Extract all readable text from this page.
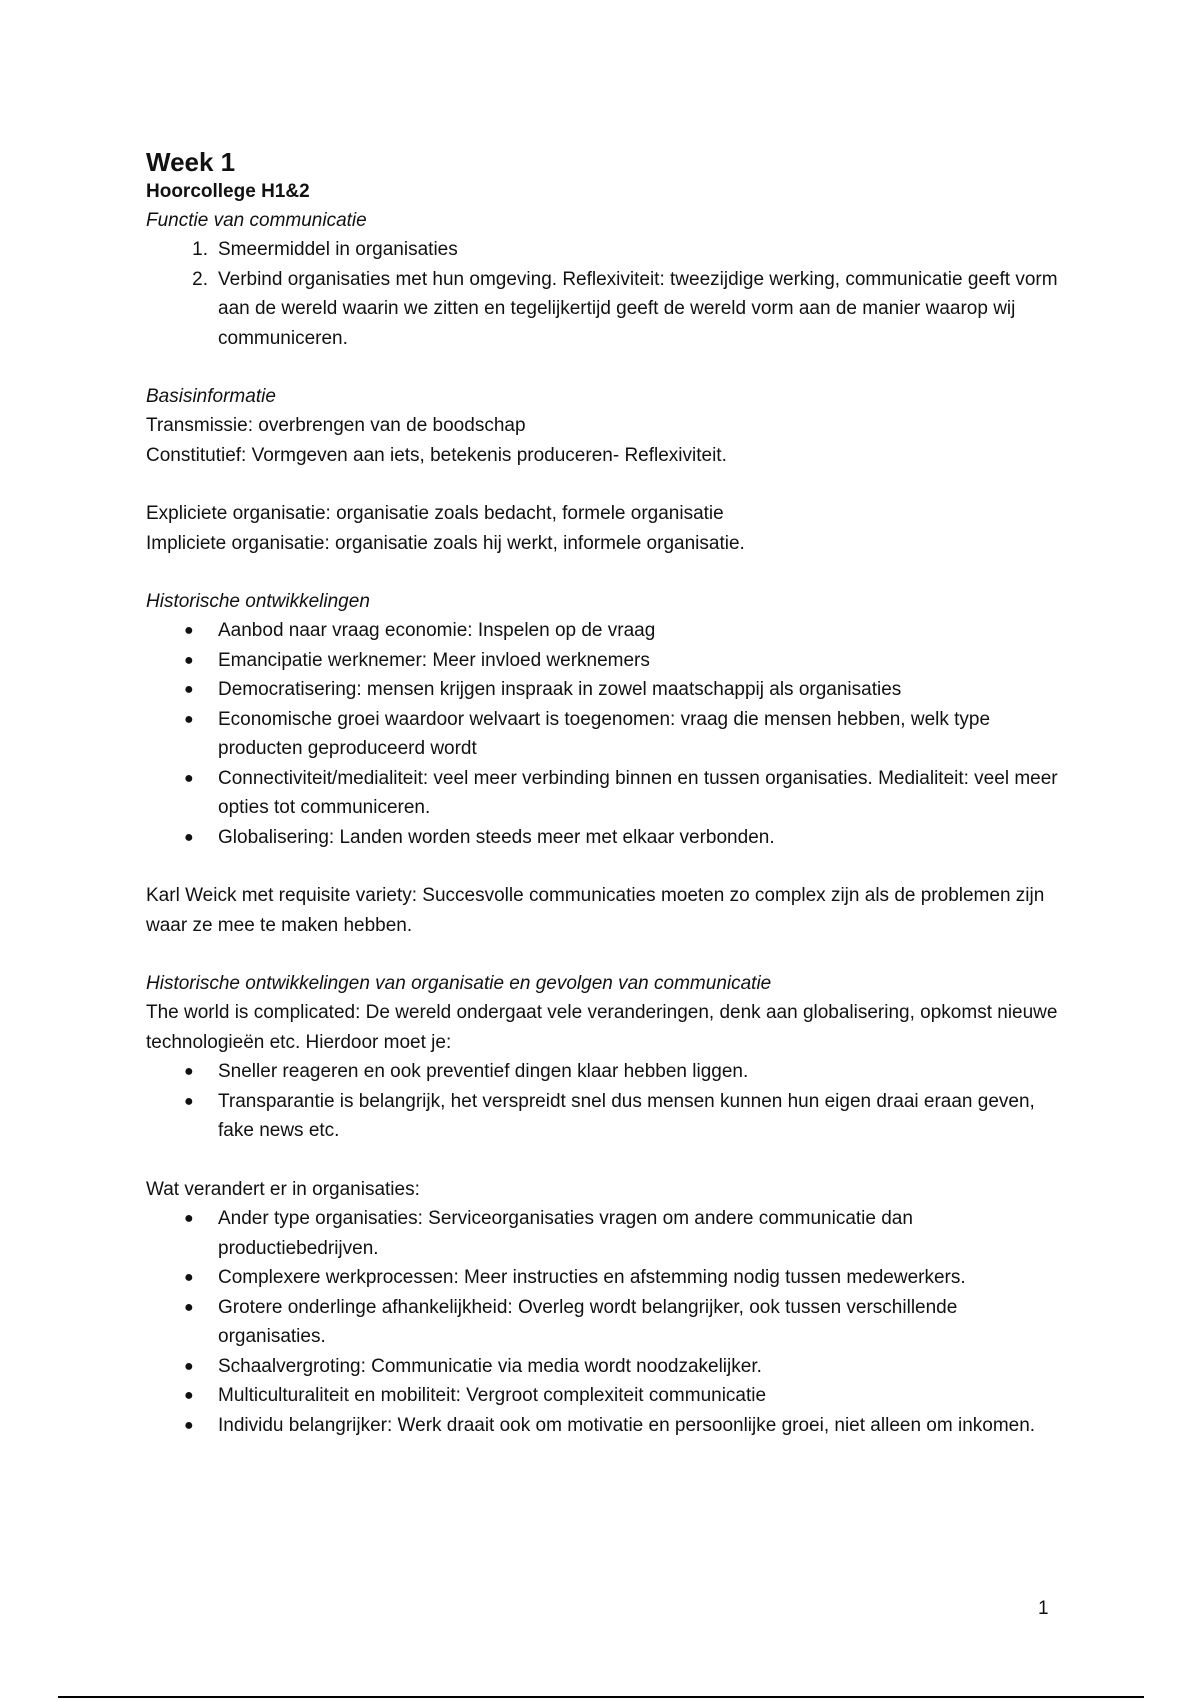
Week 1
Hoorcollege H1&2

Functie van communicatie

1. Smeermiddel in organisaties
2. Verbind organisaties met hun omgeving. Reflexiviteit: tweezijdige werking, communicatie geeft vorm aan de wereld waarin we zitten en tegelijkertijd geeft de wereld vorm aan de manier waarop wij communiceren.

Basisinformatie

Transmissie: overbrengen van de boodschap

Constitutief: Vormgeven aan iets, betekenis produceren- Reflexiviteit.

Expliciete organisatie: organisatie zoals bedacht, formele organisatie

Impliciete organisatie: organisatie zoals hij werkt, informele organisatie.

Historische ontwikkelingen

● Aanbod naar vraag economie: Inspelen op de vraag
● Emancipatie werknemer: Meer invloed werknemers
● Democratisering: mensen krijgen inspraak in zowel maatschappij als organisaties
● Economische groei waardoor welvaart is toegenomen: vraag die mensen hebben, welk type producten geproduceerd wordt
● Connectiviteit/medialiteit: veel meer verbinding binnen en tussen organisaties. Medialiteit: veel meer opties tot communiceren.
● Globalisering: Landen worden steeds meer met elkaar verbonden.

Karl Weick met requisite variety: Succesvolle communicaties moeten zo complex zijn als de problemen zijn waar ze mee te maken hebben.

Historische ontwikkelingen van organisatie en gevolgen van communicatie

The world is complicated: De wereld ondergaat vele veranderingen, denk aan globalisering, opkomst nieuwe technologieën etc. Hierdoor moet je:

● Sneller reageren en ook preventief dingen klaar hebben liggen.
● Transparantie is belangrijk, het verspreidt snel dus mensen kunnen hun eigen draai eraan geven, fake news etc.

Wat verandert er in organisaties:

● Ander type organisaties: Serviceorganisaties vragen om andere communicatie dan productiebedrijven.
● Complexere werkprocessen: Meer instructies en afstemming nodig tussen medewerkers.
● Grotere onderlinge afhankelijkheid: Overleg wordt belangrijker, ook tussen verschillende organisaties.
● Schaalvergroting: Communicatie via media wordt noodzakelijker.
● Multiculturaliteit en mobiliteit: Vergroot complexiteit communicatie
● Individu belangrijker: Werk draait ook om motivatie en persoonlijke groei, niet alleen om inkomen.
1
